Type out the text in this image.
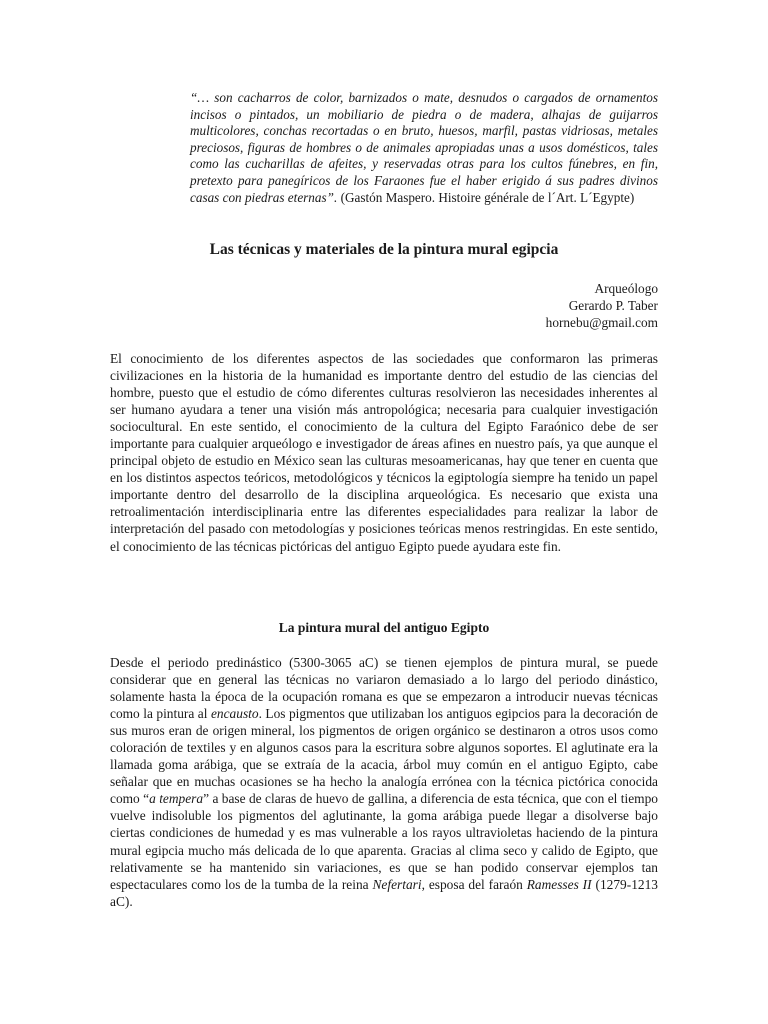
“… son cacharros de color, barnizados o mate, desnudos o cargados de ornamentos incisos o pintados, un mobiliario de piedra o de madera, alhajas de guijarros multicolores, conchas recortadas o en bruto, huesos, marfil, pastas vidriosas, metales preciosos, figuras de hombres o de animales apropiadas unas a usos domésticos, tales como las cucharillas de afeites, y reservadas otras para los cultos fúnebres, en fin, pretexto para panegíricos de los Faraones fue el haber erigido á sus padres divinos casas con piedras eternas”. (Gastón Maspero. Histoire générale de l´Art. L´Egypte)
Las técnicas y materiales de la pintura mural egipcia
Arqueólogo
Gerardo P. Taber
hornebu@gmail.com
El conocimiento de los diferentes aspectos de las sociedades que conformaron las primeras civilizaciones en la historia de la humanidad es importante dentro del estudio de las ciencias del hombre, puesto que el estudio de cómo diferentes culturas resolvieron las necesidades inherentes al ser humano ayudara a tener una visión más antropológica; necesaria para cualquier investigación sociocultural. En este sentido, el conocimiento de la cultura del Egipto Faraónico debe de ser importante para cualquier arqueólogo e investigador de áreas afines en nuestro país, ya que aunque el principal objeto de estudio en México sean las culturas mesoamericanas, hay que tener en cuenta que en los distintos aspectos teóricos, metodológicos y técnicos la egiptología siempre ha tenido un papel importante dentro del desarrollo de la disciplina arqueológica. Es necesario que exista una retroalimentación interdisciplinaria entre las diferentes especialidades para realizar la labor de interpretación del pasado con metodologías y posiciones teóricas menos restringidas. En este sentido, el conocimiento de las técnicas pictóricas del antiguo Egipto puede ayudara este fin.
La pintura mural del antiguo Egipto
Desde el periodo predinástico (5300-3065 aC) se tienen ejemplos de pintura mural, se puede considerar que en general las técnicas no variaron demasiado a lo largo del periodo dinástico, solamente hasta la época de la ocupación romana es que se empezaron a introducir nuevas técnicas como la pintura al encausto. Los pigmentos que utilizaban los antiguos egipcios para la decoración de sus muros eran de origen mineral, los pigmentos de origen orgánico se destinaron a otros usos como coloración de textiles y en algunos casos para la escritura sobre algunos soportes. El aglutinate era la llamada goma arábiga, que se extraía de la acacia, árbol muy común en el antiguo Egipto, cabe señalar que en muchas ocasiones se ha hecho la analogía errónea con la técnica pictórica conocida como “a tempera” a base de claras de huevo de gallina, a diferencia de esta técnica, que con el tiempo vuelve indisoluble los pigmentos del aglutinante, la goma arábiga puede llegar a disolverse bajo ciertas condiciones de humedad y es mas vulnerable a los rayos ultravioletas haciendo de la pintura mural egipcia mucho más delicada de lo que aparenta. Gracias al clima seco y calido de Egipto, que relativamente se ha mantenido sin variaciones, es que se han podido conservar ejemplos tan espectaculares como los de la tumba de la reina Nefertari, esposa del faraón Ramesses II (1279-1213 aC).
